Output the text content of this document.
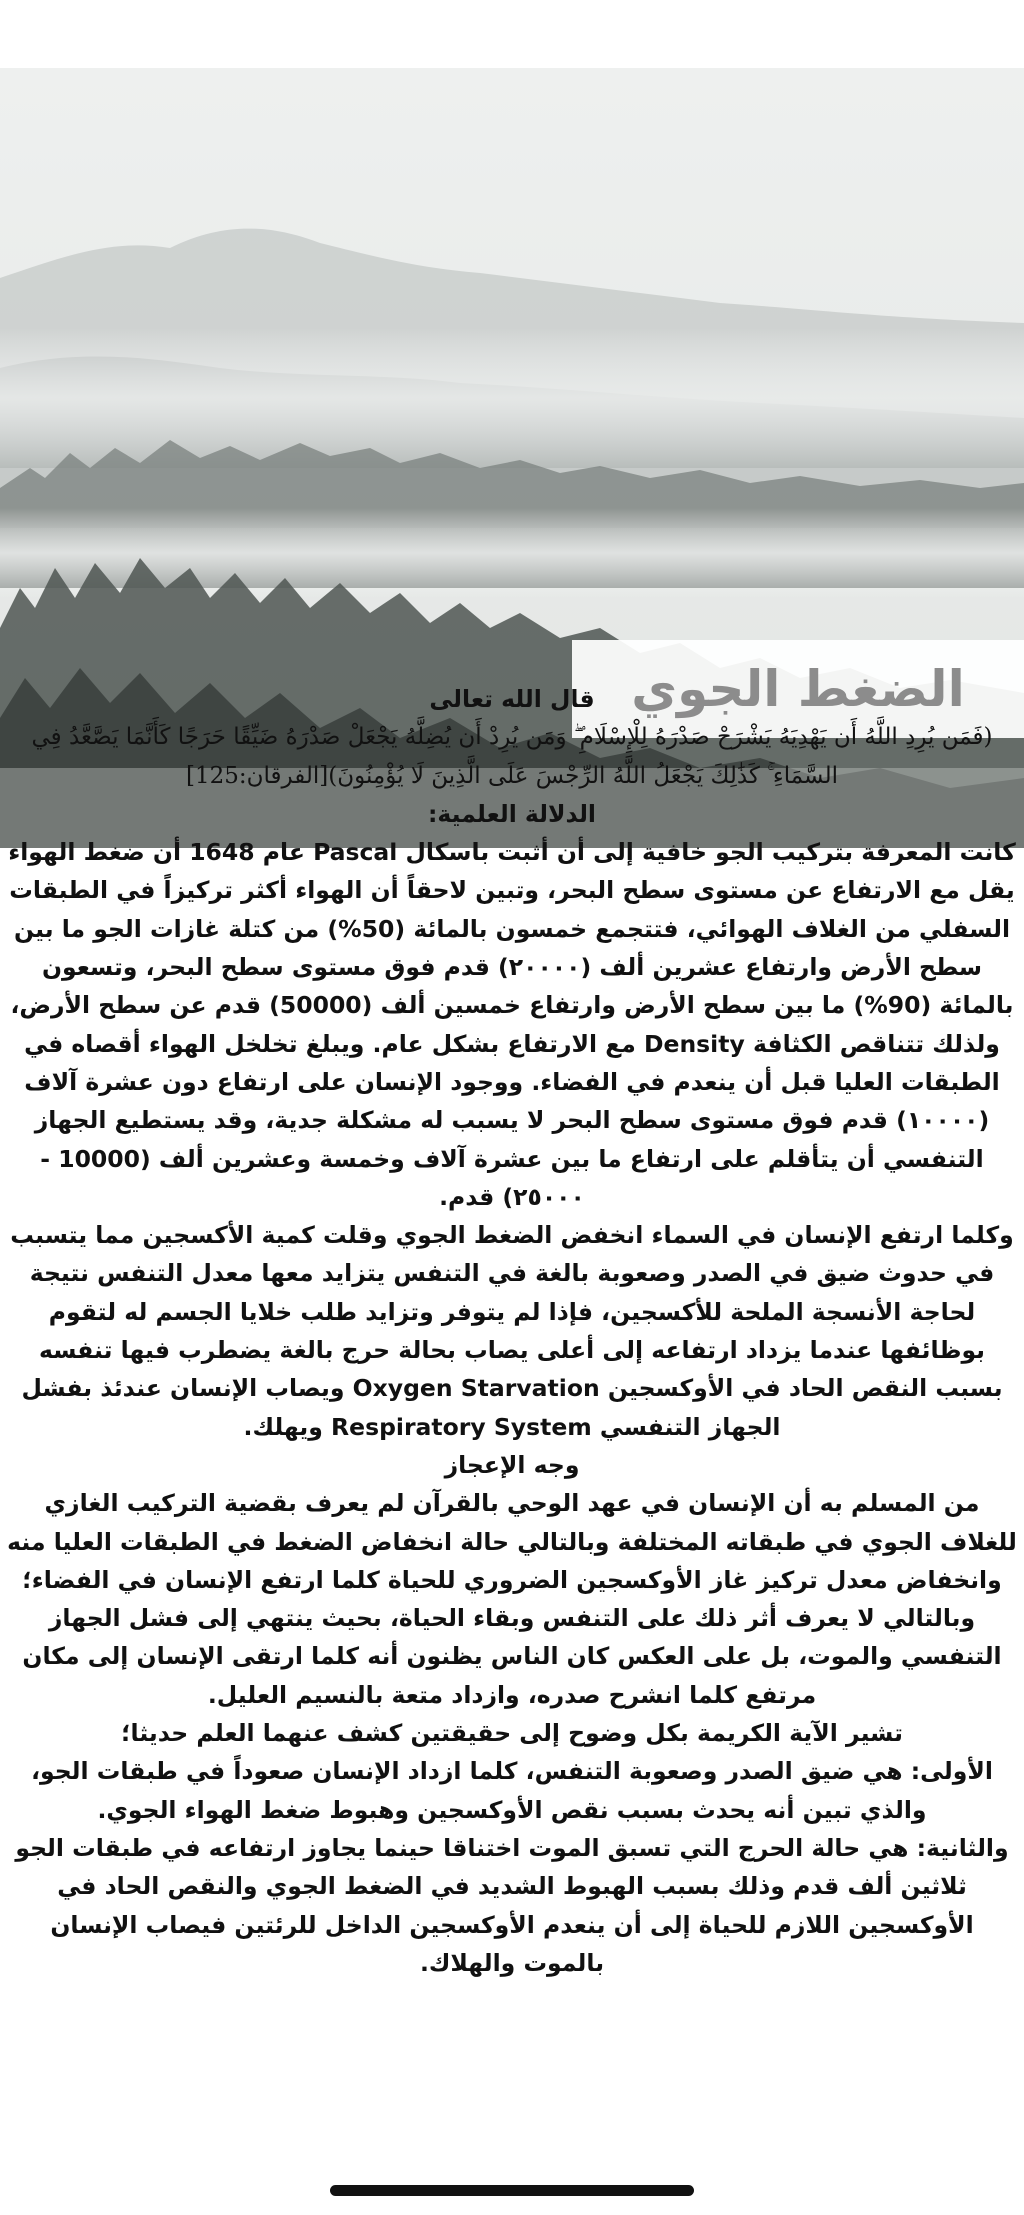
الضغط الجوي

قال الله تعالى

(فَمَن يُرِدِ اللَّهُ أَن يَهْدِيَهُ يَشْرَحْ صَدْرَهُ لِلْإِسْلَامِ ۖ وَمَن يُرِدْ أَن يُضِلَّهُ يَجْعَلْ صَدْرَهُ ضَيِّقًا حَرَجًا كَأَنَّمَا يَصَّعَّدُ فِي السَّمَاءِ ۚ كَذَٰلِكَ يَجْعَلُ اللَّهُ الرِّجْسَ عَلَى الَّذِينَ لَا يُؤْمِنُونَ)[الفرقان:125]

الدلالة العلمية:

كانت المعرفة بتركيب الجو خافية إلى أن أثبت باسكال Pascal عام 1648 أن ضغط الهواء يقل مع الارتفاع عن مستوى سطح البحر، وتبين لاحقاً أن الهواء أكثر تركيزاً في الطبقات السفلي من الغلاف الهوائي، فتتجمع خمسون بالمائة (50%) من كتلة غازات الجو ما بين سطح الأرض وارتفاع عشرين ألف (٢٠٠٠٠) قدم فوق مستوى سطح البحر، وتسعون بالمائة (90%) ما بين سطح الأرض وارتفاع خمسين ألف (50000) قدم عن سطح الأرض، ولذلك تتناقص الكثافة Density مع الارتفاع بشكل عام. ويبلغ تخلخل الهواء أقصاه في الطبقات العليا قبل أن ينعدم في الفضاء. ووجود الإنسان على ارتفاع دون عشرة آلاف (١٠٠٠٠) قدم فوق مستوى سطح البحر لا يسبب له مشكلة جدية، وقد يستطيع الجهاز التنفسي أن يتأقلم على ارتفاع ما بين عشرة آلاف وخمسة وعشرين ألف (10000 - ٢٥٠٠٠) قدم.

وكلما ارتفع الإنسان في السماء انخفض الضغط الجوي وقلت كمية الأكسجين مما يتسبب في حدوث ضيق في الصدر وصعوبة بالغة في التنفس يتزايد معها معدل التنفس نتيجة لحاجة الأنسجة الملحة للأكسجين، فإذا لم يتوفر وتزايد طلب خلايا الجسم له لتقوم بوظائفها عندما يزداد ارتفاعه إلى أعلى يصاب بحالة حرج بالغة يضطرب فيها تنفسه بسبب النقص الحاد في الأوكسجين Oxygen Starvation ويصاب الإنسان عندئذ بفشل الجهاز التنفسي Respiratory System ويهلك.

وجه الإعجاز

من المسلم به أن الإنسان في عهد الوحي بالقرآن لم يعرف بقضية التركيب الغازي للغلاف الجوي في طبقاته المختلفة وبالتالي حالة انخفاض الضغط في الطبقات العليا منه وانخفاض معدل تركيز غاز الأوكسجين الضروري للحياة كلما ارتفع الإنسان في الفضاء؛ وبالتالي لا يعرف أثر ذلك على التنفس وبقاء الحياة، بحيث ينتهي إلى فشل الجهاز التنفسي والموت، بل على العكس كان الناس يظنون أنه كلما ارتقى الإنسان إلى مكان مرتفع كلما انشرح صدره، وازداد متعة بالنسيم العليل.

تشير الآية الكريمة بكل وضوح إلى حقيقتين كشف عنهما العلم حديثا؛

الأولى: هي ضيق الصدر وصعوبة التنفس، كلما ازداد الإنسان صعوداً في طبقات الجو، والذي تبين أنه يحدث بسبب نقص الأوكسجين وهبوط ضغط الهواء الجوي.

والثانية: هي حالة الحرج التي تسبق الموت اختناقا حينما يجاوز ارتفاعه في طبقات الجو ثلاثين ألف قدم وذلك بسبب الهبوط الشديد في الضغط الجوي والنقص الحاد في الأوكسجين اللازم للحياة إلى أن ينعدم الأوكسجين الداخل للرئتين فيصاب الإنسان بالموت والهلاك.
